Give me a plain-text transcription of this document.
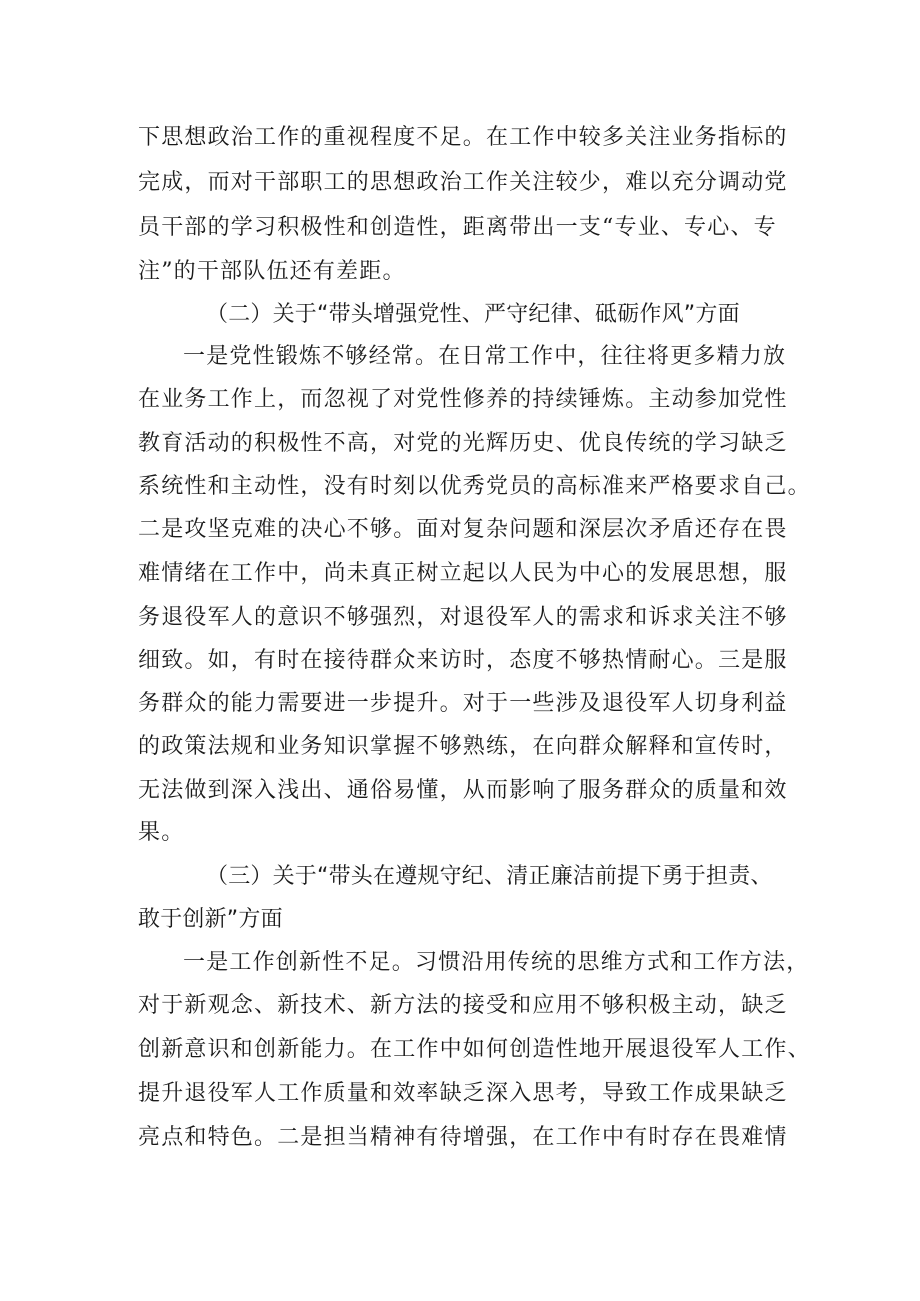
下思想政治工作的重视程度不足。在工作中较多关注业务指标的
完成，而对干部职工的思想政治工作关注较少，难以充分调动党
员干部的学习积极性和创造性，距离带出一支“专业、专心、专
注”的干部队伍还有差距。
（二）关于“带头增强党性、严守纪律、砥砺作风”方面
一是党性锻炼不够经常。在日常工作中，往往将更多精力放
在业务工作上，而忽视了对党性修养的持续锤炼。主动参加党性
教育活动的积极性不高，对党的光辉历史、优良传统的学习缺乏
系统性和主动性，没有时刻以优秀党员的高标准来严格要求自己。
二是攻坚克难的决心不够。面对复杂问题和深层次矛盾还存在畏
难情绪在工作中，尚未真正树立起以人民为中心的发展思想，服
务退役军人的意识不够强烈，对退役军人的需求和诉求关注不够
细致。如，有时在接待群众来访时，态度不够热情耐心。三是服
务群众的能力需要进一步提升。对于一些涉及退役军人切身利益
的政策法规和业务知识掌握不够熟练，在向群众解释和宣传时，
无法做到深入浅出、通俗易懂，从而影响了服务群众的质量和效
果。
（三）关于“带头在遵规守纪、清正廉洁前提下勇于担责、
敢于创新”方面
一是工作创新性不足。习惯沿用传统的思维方式和工作方法，
对于新观念、新技术、新方法的接受和应用不够积极主动，缺乏
创新意识和创新能力。在工作中如何创造性地开展退役军人工作、
提升退役军人工作质量和效率缺乏深入思考，导致工作成果缺乏
亮点和特色。二是担当精神有待增强，在工作中有时存在畏难情
